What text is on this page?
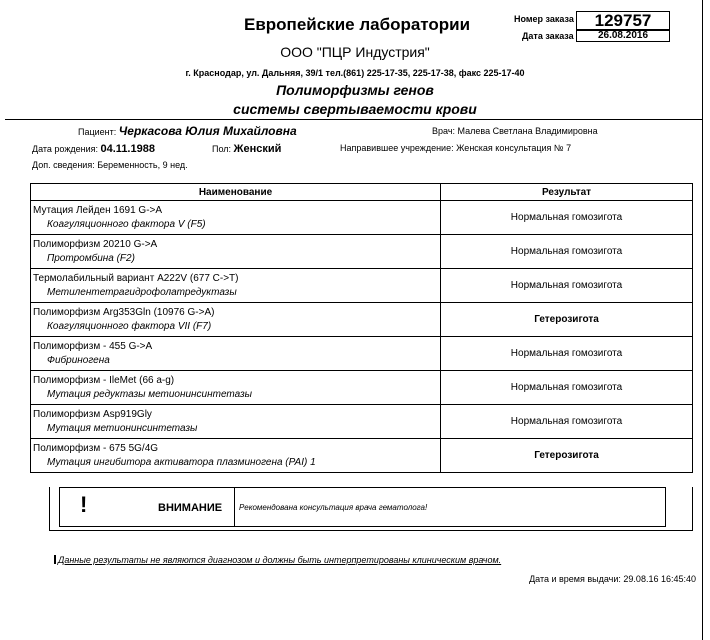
Европейские лаборатории	Номер заказа	129757
Дата заказа	26.08.2016
ООО "ПЦР Индустрия"
г. Краснодар, ул. Дальняя, 39/1 тел.(861) 225-17-35, 225-17-38, факс 225-17-40
Полиморфизмы генов
системы свертываемости крови
Пациент: Черкасова Юлия Михайловна	Врач: Малева Светлана Владимировна
Дата рождения: 04.11.1988	Пол: Женский	Направившее учреждение: Женская консультация № 7
Доп. сведения: Беременность, 9 нед.
Наименование	Результат

Мутация Лейден 1691 G->A
Коагуляционного фактора V (F5)	Нормальная гомозигота

Полиморфизм 20210 G->A
Протромбина (F2)	Нормальная гомозигота

Термолабильный вариант A222V (677 C->T)
Метилентетрагидрофолатредуктазы	Нормальная гомозигота

Полиморфизм Arg353Gln (10976 G->A)
Коагуляционного фактора VII (F7)	Гетерозигота

Полиморфизм - 455 G->A
Фибриногена	Нормальная гомозигота

Полиморфизм - IleMet (66 a-g)
Мутация редуктазы метионинсинтетазы	Нормальная гомозигота

Полиморфизм Asp919Gly
Мутация метионинсинтетазы	Нормальная гомозигота

Полиморфизм - 675 5G/4G
Мутация ингибитора активатора плазминогена (PAI) 1	Гетерозигота
!	ВНИМАНИЕ Рекомендована консультация врача гематолога!
Данные результаты не являются диагнозом и должны быть интерпретированы клиническим врачом.
Дата и время выдачи: 29.08.16 16:45:40
